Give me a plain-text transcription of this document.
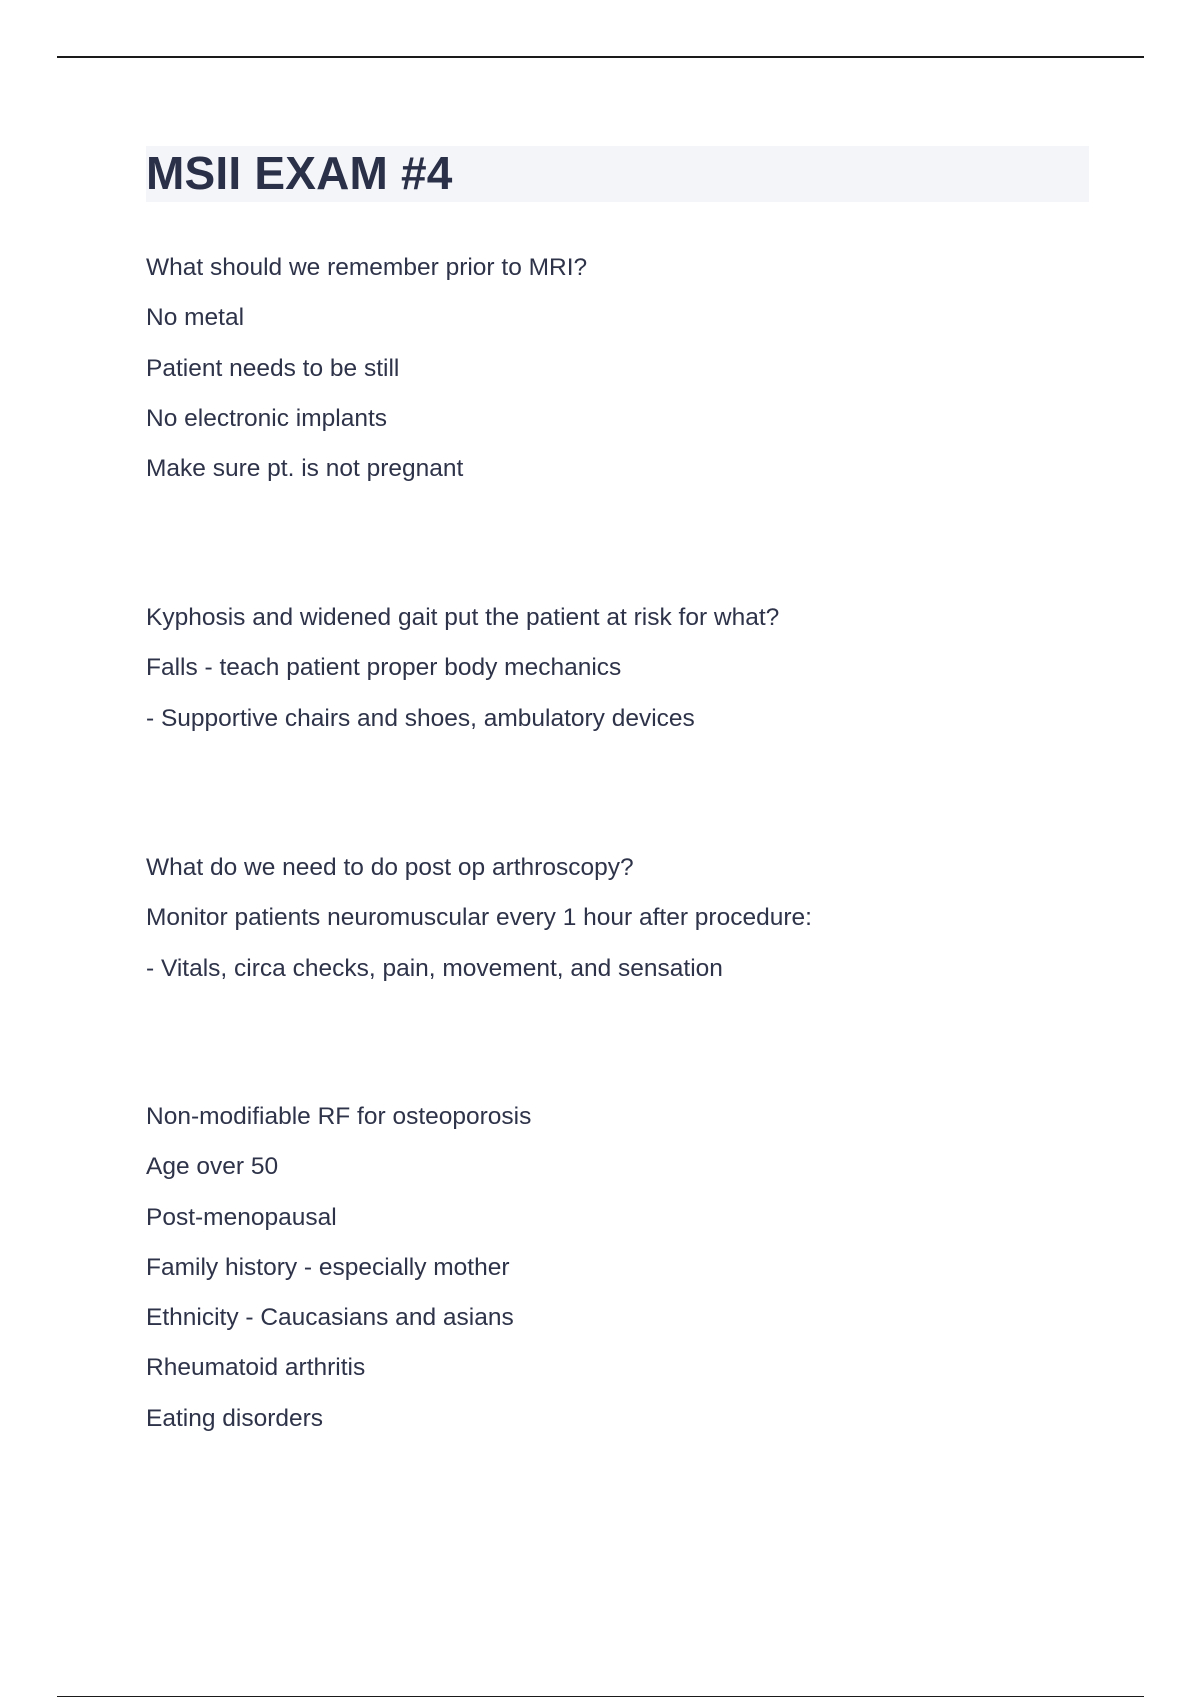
MSII EXAM #4
What should we remember prior to MRI?
No metal
Patient needs to be still
No electronic implants
Make sure pt. is not pregnant
Kyphosis and widened gait put the patient at risk for what?
Falls - teach patient proper body mechanics
- Supportive chairs and shoes, ambulatory devices
What do we need to do post op arthroscopy?
Monitor patients neuromuscular every 1 hour after procedure:
- Vitals, circa checks, pain, movement, and sensation
Non-modifiable RF for osteoporosis
Age over 50
Post-menopausal
Family history - especially mother
Ethnicity - Caucasians and asians
Rheumatoid arthritis
Eating disorders
